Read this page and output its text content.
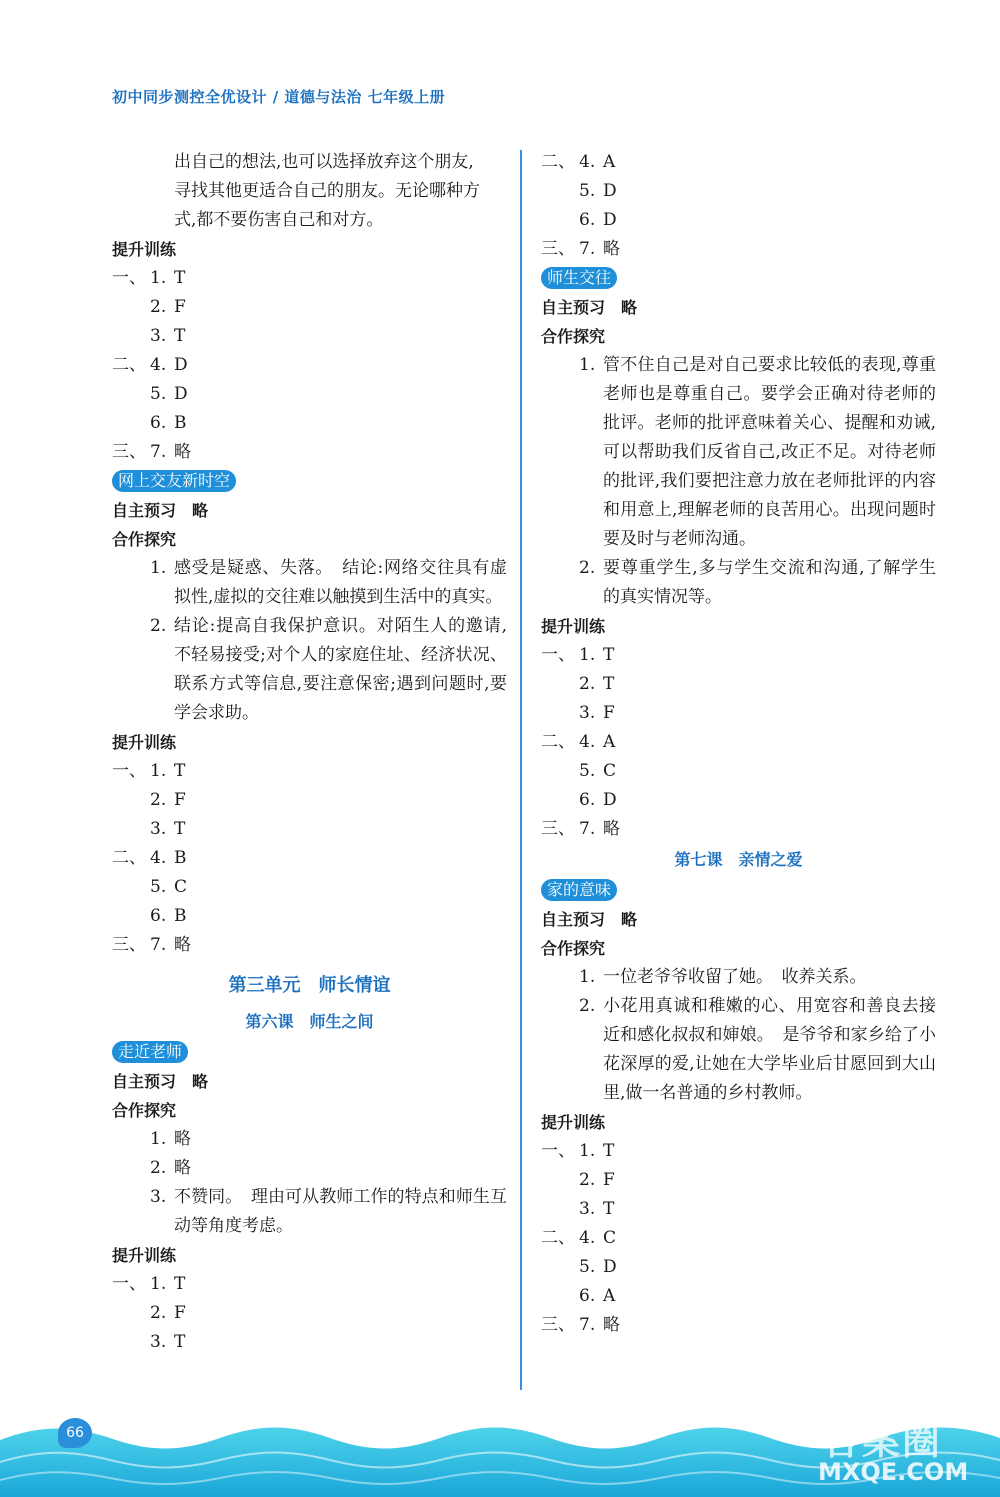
初中同步测控全优设计 / 道德与法治 七年级上册
出自己的想法,也可以选择放弃这个朋友,
寻找其他更适合自己的朋友。无论哪种方
式,都不要伤害自己和对方。
提升训练
一、 1. T
2. F
3. T
二、 4. D
5. D
6. B
三、 7. 略
网上交友新时空
自主预习　略
合作探究
1. 感受是疑惑、失落。　结论:网络交往具有虚拟性,虚拟的交往难以触摸到生活中的真实。
2. 结论:提高自我保护意识。对陌生人的邀请,不轻易接受;对个人的家庭住址、经济状况、联系方式等信息,要注意保密;遇到问题时,要学会求助。
提升训练
一、 1. T
2. F
3. T
二、 4. B
5. C
6. B
三、 7. 略
第三单元　师长情谊
第六课　师生之间
走近老师
自主预习　略
合作探究
1. 略
2. 略
3. 不赞同。　理由可从教师工作的特点和师生互动等角度考虑。
提升训练
一、 1. T
2. F
3. T
二、 4. A
5. D
6. D
三、 7. 略
师生交往
自主预习　略
合作探究
1. 管不住自己是对自己要求比较低的表现,尊重老师也是尊重自己。要学会正确对待老师的批评。老师的批评意味着关心、提醒和劝诫,可以帮助我们反省自己,改正不足。对待老师的批评,我们要把注意力放在老师批评的内容和用意上,理解老师的良苦用心。出现问题时要及时与老师沟通。
2. 要尊重学生,多与学生交流和沟通,了解学生的真实情况等。
提升训练
一、 1. T
2. T
3. F
二、 4. A
5. C
6. D
三、 7. 略
第七课　亲情之爱
家的意味
自主预习　略
合作探究
1. 一位老爷爷收留了她。　收养关系。
2. 小花用真诚和稚嫩的心、用宽容和善良去接近和感化叔叔和婶娘。　是爷爷和家乡给了小花深厚的爱,让她在大学毕业后甘愿回到大山里,做一名普通的乡村教师。
提升训练
一、 1. T
2. F
3. T
二、 4. C
5. D
6. A
三、 7. 略
66	答案圈
MXQE.COM
